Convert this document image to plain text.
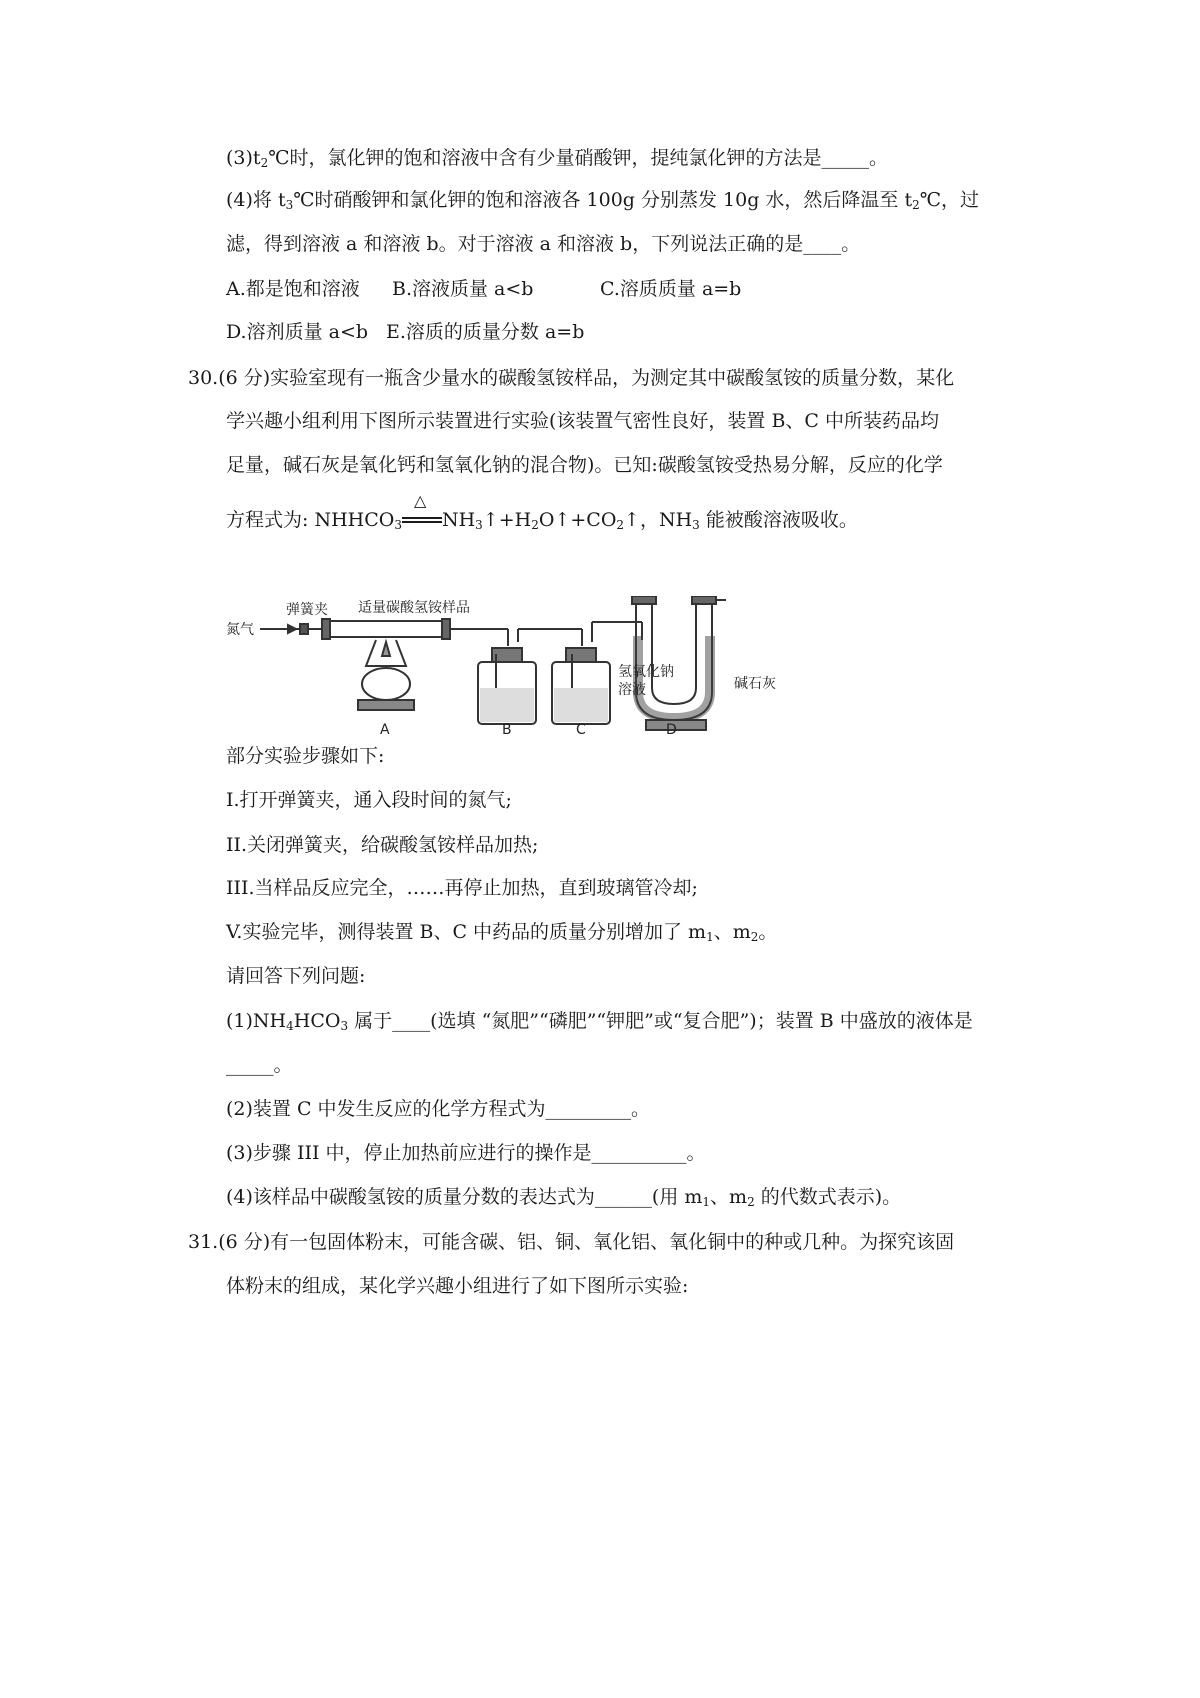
$(3)t_2℃$时，氯化钾的饱和溶液中含有少量硝酸钾，提纯氯化钾的方法是_____。
(4)将 $t_3℃$时硝酸钾和氯化钾的饱和溶液各 100g 分别蒸发 10g 水，然后降温至 $t_2℃$，过
滤，得到溶液 a 和溶液 b。对于溶液 a 和溶液 b，下列说法正确的是____。
A.都是饱和溶液 B.溶液质量 a<b	C.溶质质量 a=b
D.溶剂质量 a<b E.溶质的质量分数 a=b
30.(6 分)实验室现有一瓶含少量水的碳酸氢铵样品，为测定其中碳酸氢铵的质量分数，某化
学兴趣小组利用下图所示装置进行实验(该装置气密性良好，装置 B、C 中所装药品均
足量，碱石灰是氧化钙和氢氧化钠的混合物)。已知:碳酸氢铵受热易分解，反应的化学
方程式为: $NHHCO_3$
△
$NH_3↑+H_2O↑+CO_2↑$，$NH_3$ 能被酸溶液吸收。
氮气
弹簧夹 适量碳酸氢铵样品
氢氧化钠
溶液	碱石灰
A	B	C	D
部分实验步骤如下:
I.打开弹簧夹，通入段时间的氮气;
II.关闭弹簧夹，给碳酸氢铵样品加热;
III.当样品反应完全，……再停止加热，直到玻璃管冷却;
V.实验完毕，测得装置 B、C 中药品的质量分别增加了 $m_1$、$m_2$。
请回答下列问题:
$(1)NH_4HCO_3$ 属于____(选填 “氮肥”“磷肥”“钾肥”或“复合肥”)；装置 B 中盛放的液体是
_____。
(2)装置 C 中发生反应的化学方程式为_________。
(3)步骤 III 中，停止加热前应进行的操作是__________。
(4)该样品中碳酸氢铵的质量分数的表达式为______(用 $m_1$、$m_2$ 的代数式表示)。
31.(6 分)有一包固体粉末，可能含碳、铝、铜、氧化铝、氧化铜中的种或几种。为探究该固
体粉末的组成，某化学兴趣小组进行了如下图所示实验:
